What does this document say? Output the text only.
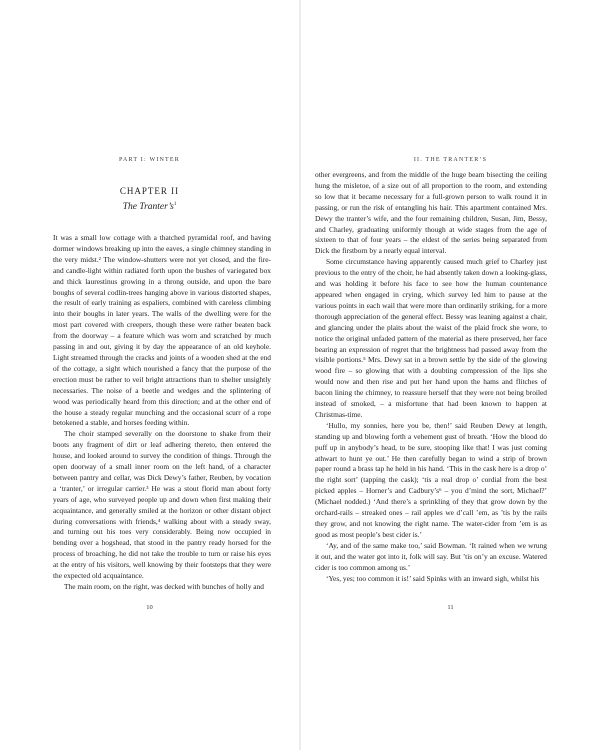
PART I: WINTER
CHAPTER II
The $Tranter’s^1$

It was a small low cottage with a thatched pyramidal roof, and having dormer windows breaking up into the eaves, a single chimney standing in the very midst.² The window-shutters were not yet closed, and the fire- and candle-light within radiated forth upon the bushes of variegated box and thick laurestinus growing in a throng outside, and upon the bare boughs of several codlin-trees hanging above in various distorted shapes, the result of early training as espaliers, combined with careless climbing into their boughs in later years. The walls of the dwelling were for the most part covered with creepers, though these were rather beaten back from the doorway – a feature which was worn and scratched by much passing in and out, giving it by day the appearance of an old keyhole. Light streamed through the cracks and joints of a wooden shed at the end of the cottage, a sight which nourished a fancy that the purpose of the erection must be rather to veil bright attractions than to shelter unsightly necessaries. The noise of a beetle and wedges and the splintering of wood was periodically heard from this direction; and at the other end of the house a steady regular munching and the occasional scurr of a rope betokened a stable, and horses feeding within.

The choir stamped severally on the doorstone to shake from their boots any fragment of dirt or leaf adhering thereto, then entered the house, and looked around to survey the condition of things. Through the open doorway of a small inner room on the left hand, of a character between pantry and cellar, was Dick Dewy’s father, Reuben, by vocation a ‘tranter,’ or irregular carrier.³ He was a stout florid man about forty years of age, who surveyed people up and down when first making their acquaintance, and generally smiled at the horizon or other distant object during conversations with friends,⁴ walking about with a steady sway, and turning out his toes very considerably. Being now occupied in bending over a hogshead, that stood in the pantry ready horsed for the process of broaching, he did not take the trouble to turn or raise his eyes at the entry of his visitors, well knowing by their footsteps that they were the expected old acquaintance.

The main room, on the right, was decked with bunches of holly and

10
II. THE TRANTER’S

other evergreens, and from the middle of the huge beam bisecting the ceiling hung the misletoe, of a size out of all proportion to the room, and extending so low that it became necessary for a full-grown person to walk round it in passing, or run the risk of entangling his hair. This apartment contained Mrs. Dewy the tranter’s wife, and the four remaining children, Susan, Jim, Bessy, and Charley, graduating uniformly though at wide stages from the age of sixteen to that of four years – the eldest of the series being separated from Dick the firstborn by a nearly equal interval.

Some circumstance having apparently caused much grief to Charley just previous to the entry of the choir, he had absently taken down a looking-glass, and was holding it before his face to see how the human countenance appeared when engaged in crying, which survey led him to pause at the various points in each wail that were more than ordinarily striking, for a more thorough appreciation of the general effect. Bessy was leaning against a chair, and glancing under the plaits about the waist of the plaid frock she wore, to notice the original unfaded pattern of the material as there preserved, her face bearing an expression of regret that the brightness had passed away from the visible portions.⁵ Mrs. Dewy sat in a brown settle by the side of the glowing wood fire – so glowing that with a doubting compression of the lips she would now and then rise and put her hand upon the hams and flitches of bacon lining the chimney, to reassure herself that they were not being broiled instead of smoked, – a misfortune that had been known to happen at Christmas-time.

‘Hullo, my sonnies, here you be, then!’ said Reuben Dewy at length, standing up and blowing forth a vehement gust of breath. ‘How the blood do puff up in anybody’s head, to be sure, stooping like that! I was just coming athwart to hunt ye out.’ He then carefully began to wind a strip of brown paper round a brass tap he held in his hand. ‘This in the cask here is a drop o’ the right sort’ (tapping the cask); ‘tis a real drop o’ cordial from the best picked apples – Horner’s and Cadbury’s⁶ – you d’mind the sort, Michael?’ (Michael nodded.) ‘And there’s a sprinkling of they that grow down by the orchard-rails – streaked ones – rail apples we d’call ’em, as ’tis by the rails they grow, and not knowing the right name. The water-cider from ’em is as good as most people’s best cider is.’

‘Ay, and of the same make too,’ said Bowman. ‘It rained when we wrung it out, and the water got into it, folk will say. But ’tis on’y an excuse. Watered cider is too common among us.’

‘Yes, yes; too common it is!’ said Spinks with an inward sigh, whilst his

11
